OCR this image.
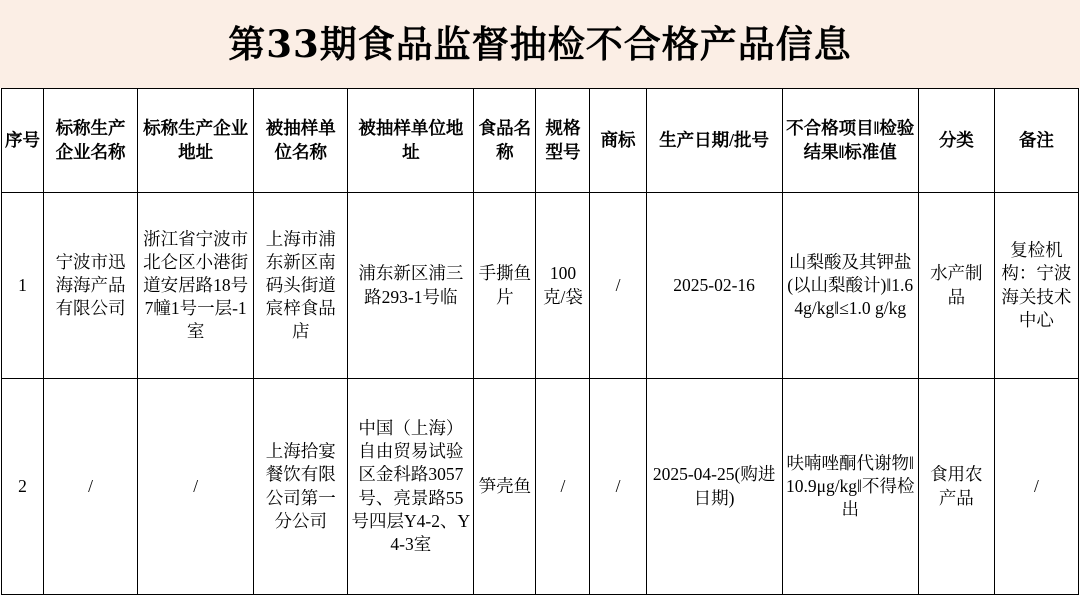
第33期食品监督抽检不合格产品信息
序号	标称生产企业名称	标称生产企业地址	被抽样单位名称	被抽样单位地址	食品名称	规格型号	商标	生产日期/批号	不合格项目‖检验结果‖标准值	分类	备注
1	宁波市迅海海产品有限公司	浙江省宁波市北仑区小港街道安居路18号7幢1号一层-1室	上海市浦东新区南码头街道宸梓食品店	浦东新区浦三路293-1号临	手撕鱼片	100克/袋	/	2025-02-16	山梨酸及其钾盐(以山梨酸计)‖1.64g/kg‖≤1.0 g/kg	水产制品	复检机构：宁波海关技术中心
2	/	/	上海拾宴餐饮有限公司第一分公司	中国（上海）自由贸易试验区金科路3057号、亮景路55号四层Y4-2、Y4-3室	笋壳鱼	/	/	2025-04-25(购进日期)	呋喃唑酮代谢物‖10.9μg/kg‖不得检出	食用农产品	/
